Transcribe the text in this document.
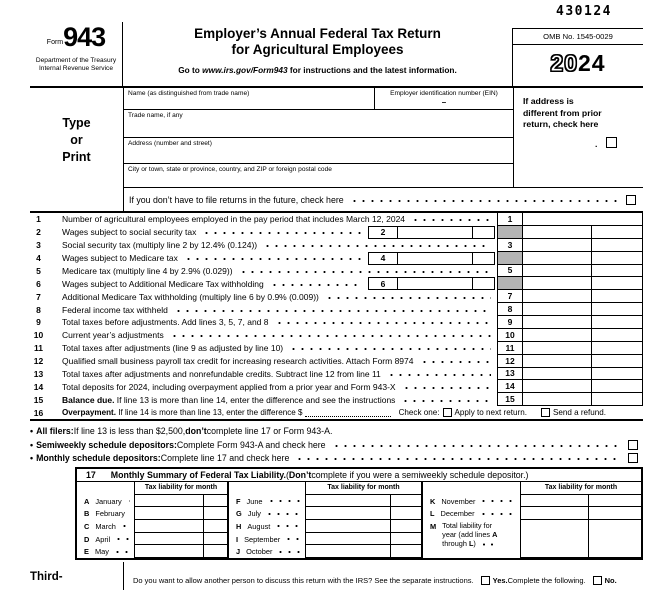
430124
Form 943
Department of the Treasury
Internal Revenue Service
Employer’s Annual Federal Tax Return
for Agricultural Employees
Go to www.irs.gov/Form943 for instructions and the latest information.
OMB No. 1545-0029
2024
Type
or
Print
Name (as distinguished from trade name)	Employer identification number (EIN)
–
Trade name, if any
Address (number and street)
City or town, state or province, country, and ZIP or foreign postal code
If address is different from prior return, check here
.
If you don’t have to file returns in the future, check here
1	Number of agricultural employees employed in the pay period that includes March 12, 2024	1
2	Wages subject to social security tax	2
3	Social security tax (multiply line 2 by 12.4% (0.124))	3
4	Wages subject to Medicare tax	4
5	Medicare tax (multiply line 4 by 2.9% (0.029))	5
6	Wages subject to Additional Medicare Tax withholding	6
7	Additional Medicare Tax withholding (multiply line 6 by 0.9% (0.009))	7
8	Federal income tax withheld	8
9	Total taxes before adjustments. Add lines 3, 5, 7, and 8	9
10	Current year’s adjustments	10
11	Total taxes after adjustments (line 9 as adjusted by line 10)	11
12	Qualified small business payroll tax credit for increasing research activities. Attach Form 8974	12
13	Total taxes after adjustments and nonrefundable credits. Subtract line 12 from line 11	13
14	Total deposits for 2024, including overpayment applied from a prior year and Form 943-X	14
15	Balance due. If line 13 is more than line 14, enter the difference and see the instructions	15
16	Overpayment. If line 14 is more than line 13, enter the difference $	Check one: Apply to next return.	Send a refund.
• All filers: If line 13 is less than $2,500, don’t complete line 17 or Form 943-A.
• Semiweekly schedule depositors: Complete Form 943-A and check here
• Monthly schedule depositors: Complete line 17 and check here
17 Monthly Summary of Federal Tax Liability. ( Don’t complete if you were a semiweekly schedule depositor.)
Tax liability for month
A January
B February
C March
D April
E May
Tax liability for month
F June
G July
H August
I September
J October
Tax liability for month
K November
L December
M Total liability for
year (add lines A
through L)
Third-	Do you want to allow another person to discuss this return with the IRS? See the separate instructions.	Yes. Complete the following.	No.
